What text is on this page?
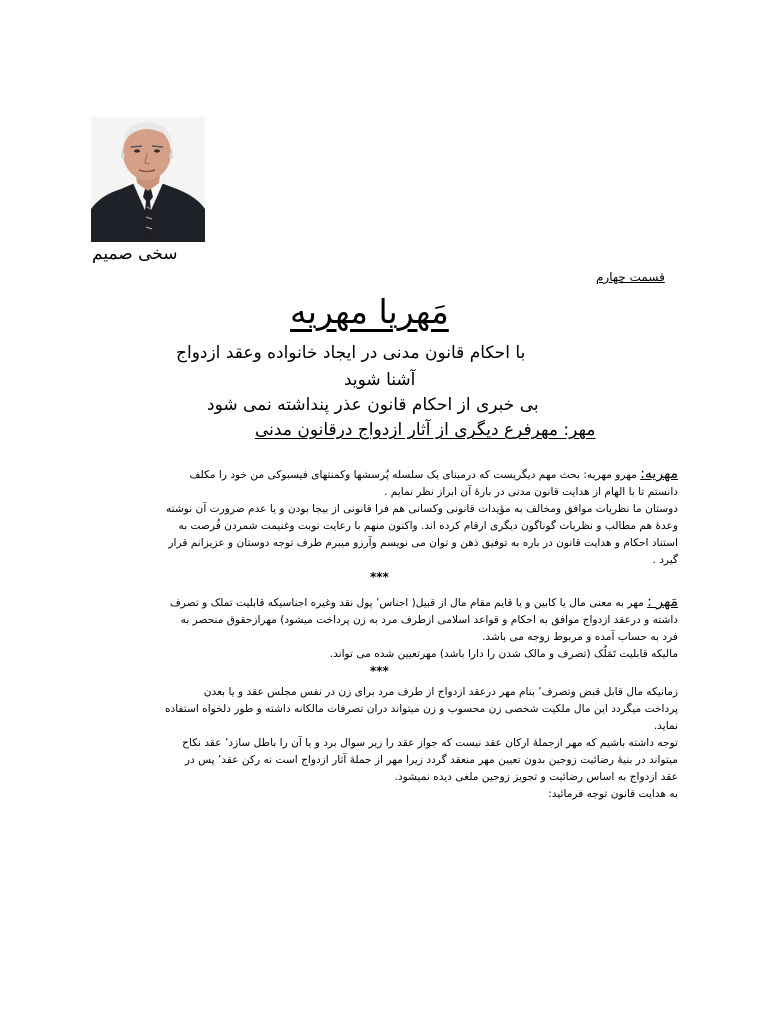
سخی صمیم
قسمت چهارم
مَهریا مهریه
با احکام قانون مدنی در ایجاد خانواده وعقد ازدواج
آشنا شوید
بی خبری از احکام قانون عذر پنداشته نمی شود
مهر: مهرفرع دیگری از آثار ازدواج درقانون مدنی

مهریه: مهرو مهریه: بحث مهم دیگریست که درمبنای یک سلسله پُرسشها وکمنتهای فیسبوکی من خود را مکلف

دانستم تا با الهام از هدایت قانون مدنی در بارهٔ آن ابراز نظر نمایم .

دوستان ما نظریات موافق ومخالف به مؤیدات قانونی وکسانی هم فرا قانونی از بیجا بودن و یا عدم ضرورت آن نوشته

وعدهٔ هم مطالب و نظریات گوناگون دیگری ارقام کرده اند. واکنون منهم با رعایت نوبت وغنیمت شمردن فُرصت به

استناد احکام و هدایت قانون در باره به توفیق ذهن و توان می نویسم وآرزو میبرم طرف توجه دوستان و عزیزانم قرار

گیرد .

***

مَهر : مهر به معنی مال یا کابین و یا قایم مقام مال از قبیل( اجناس٬ پول نقد وغیره اجناسیکه قابلیت تملک و تصرف

داشته و درعقد ازدواج موافق به احکام و قواعد اسلامی ازطرف مرد به زن پرداخت میشود) مهرازحقوق منحصر به

فرد به حساب آمده و مربوط زوجه می باشد.

مالیکه قابلیت تَمَلُک (تصرف و مالک شدن را دارا باشد) مهرتعیین شده می تواند.

***

زمانیکه مال قابل قبض وتصرف٬ بنام مهر درعقد ازدواج از طرف مرد برای زن در نفس مجلس عقد و یا بعدن

پرداخت میگردد این مال ملکیت شخصی زن محسوب و زن میتواند دران تصرفات مالکانه داشته و طور دلخواه استفاده

نماید.

توجه داشته باشیم که مهر ازجملهٔ ارکان عقد نیست که جواز عقد را زیر سوال برد و یا آن را باطل سازد٬ عقد نکاح

میتواند در بنیهٔ رضائیت زوجین بدون تعیین مهر منعقد گردد زیرا مهر از جملهٔ آثار ازدواج است نه رکن عقد٬ پس در

عقد ازدواج به اساس رضائیت و تجویز زوجین ملغی دیده نمیشود.

به هدایت قانون توجه فرمائید:
